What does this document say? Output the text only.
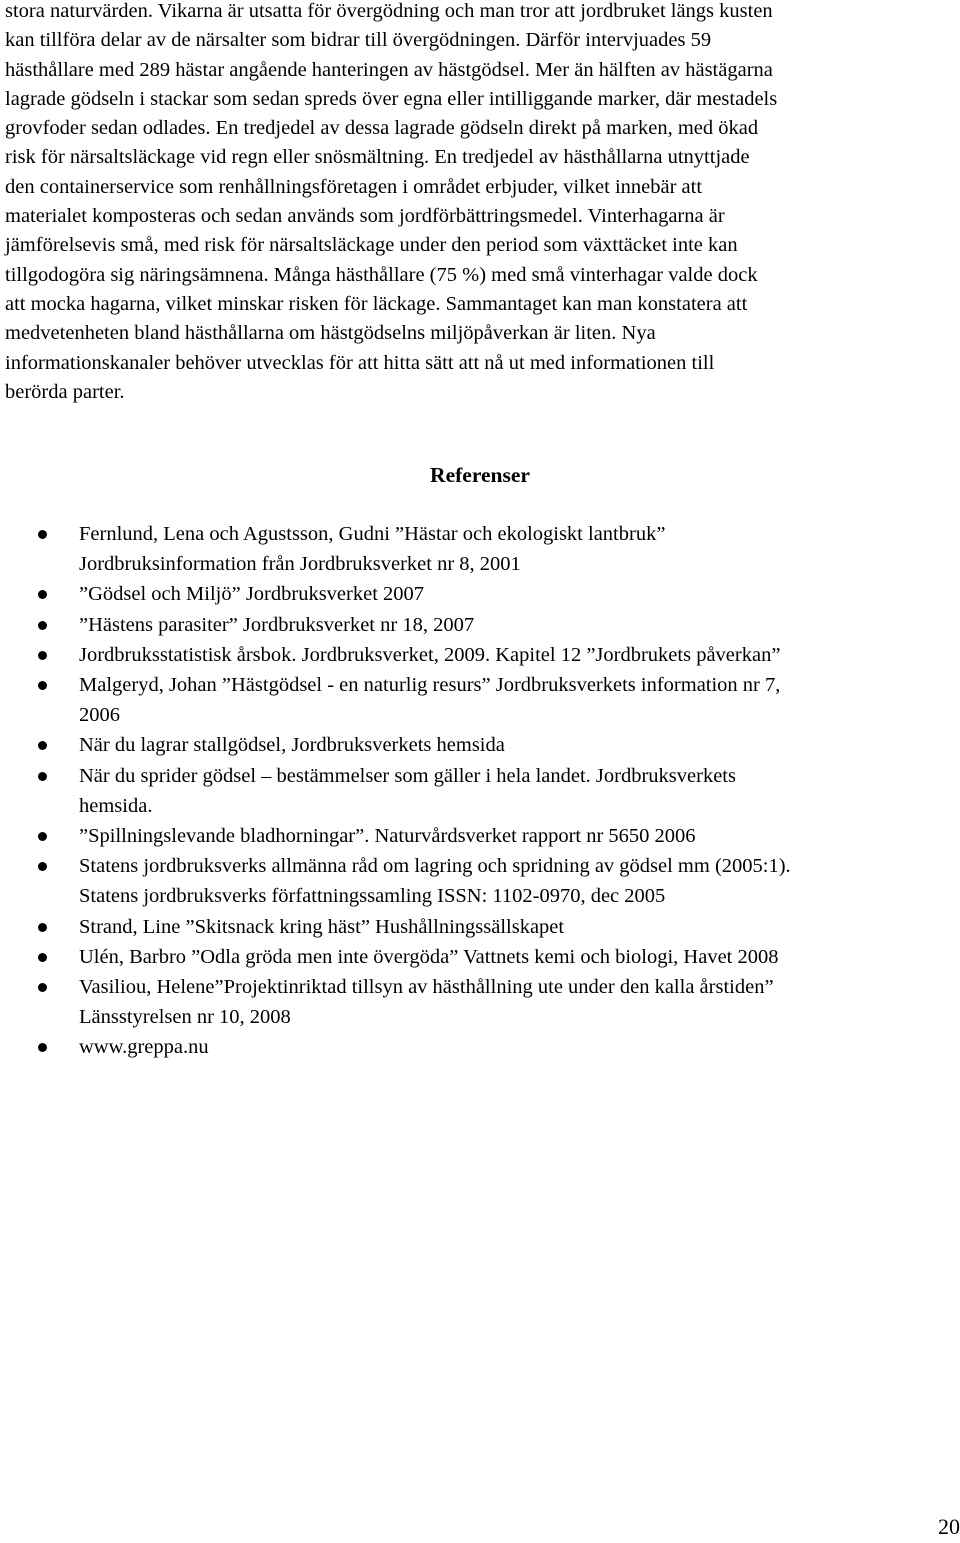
stora naturvärden. Vikarna är utsatta för övergödning och man tror att jordbruket längs kusten
kan tillföra delar av de närsalter som bidrar till övergödningen. Därför intervjuades 59
hästhållare med 289 hästar angående hanteringen av hästgödsel. Mer än hälften av hästägarna
lagrade gödseln i stackar som sedan spreds över egna eller intilliggande marker, där mestadels
grovfoder sedan odlades. En tredjedel av dessa lagrade gödseln direkt på marken, med ökad
risk för närsaltsläckage vid regn eller snösmältning. En tredjedel av hästhållarna utnyttjade
den containerservice som renhållningsföretagen i området erbjuder, vilket innebär att
materialet komposteras och sedan används som jordförbättringsmedel. Vinterhagarna är
jämförelsevis små, med risk för närsaltsläckage under den period som växttäcket inte kan
tillgodogöra sig näringsämnena. Många hästhållare (75 %) med små vinterhagar valde dock
att mocka hagarna, vilket minskar risken för läckage. Sammantaget kan man konstatera att
medvetenheten bland hästhållarna om hästgödselns miljöpåverkan är liten. Nya
informationskanaler behöver utvecklas för att hitta sätt att nå ut med informationen till
berörda parter.

Referenser
Fernlund, Lena och Agustsson, Gudni ”Hästar och ekologiskt lantbruk”
Jordbruksinformation från Jordbruksverket nr 8, 2001
”Gödsel och Miljö” Jordbruksverket 2007
”Hästens parasiter” Jordbruksverket nr 18, 2007
Jordbruksstatistisk årsbok. Jordbruksverket, 2009. Kapitel 12 ”Jordbrukets påverkan”
Malgeryd, Johan ”Hästgödsel - en naturlig resurs” Jordbruksverkets information nr 7,
2006
När du lagrar stallgödsel, Jordbruksverkets hemsida
När du sprider gödsel – bestämmelser som gäller i hela landet. Jordbruksverkets
hemsida.
”Spillningslevande bladhorningar”. Naturvårdsverket rapport nr 5650 2006
Statens jordbruksverks allmänna råd om lagring och spridning av gödsel mm (2005:1).
Statens jordbruksverks författningssamling ISSN: 1102-0970, dec 2005
Strand, Line ”Skitsnack kring häst” Hushållningssällskapet
Ulén, Barbro ”Odla gröda men inte övergöda” Vattnets kemi och biologi, Havet 2008
Vasiliou, Helene”Projektinriktad tillsyn av hästhållning ute under den kalla årstiden”
Länsstyrelsen nr 10, 2008
www.greppa.nu
20
